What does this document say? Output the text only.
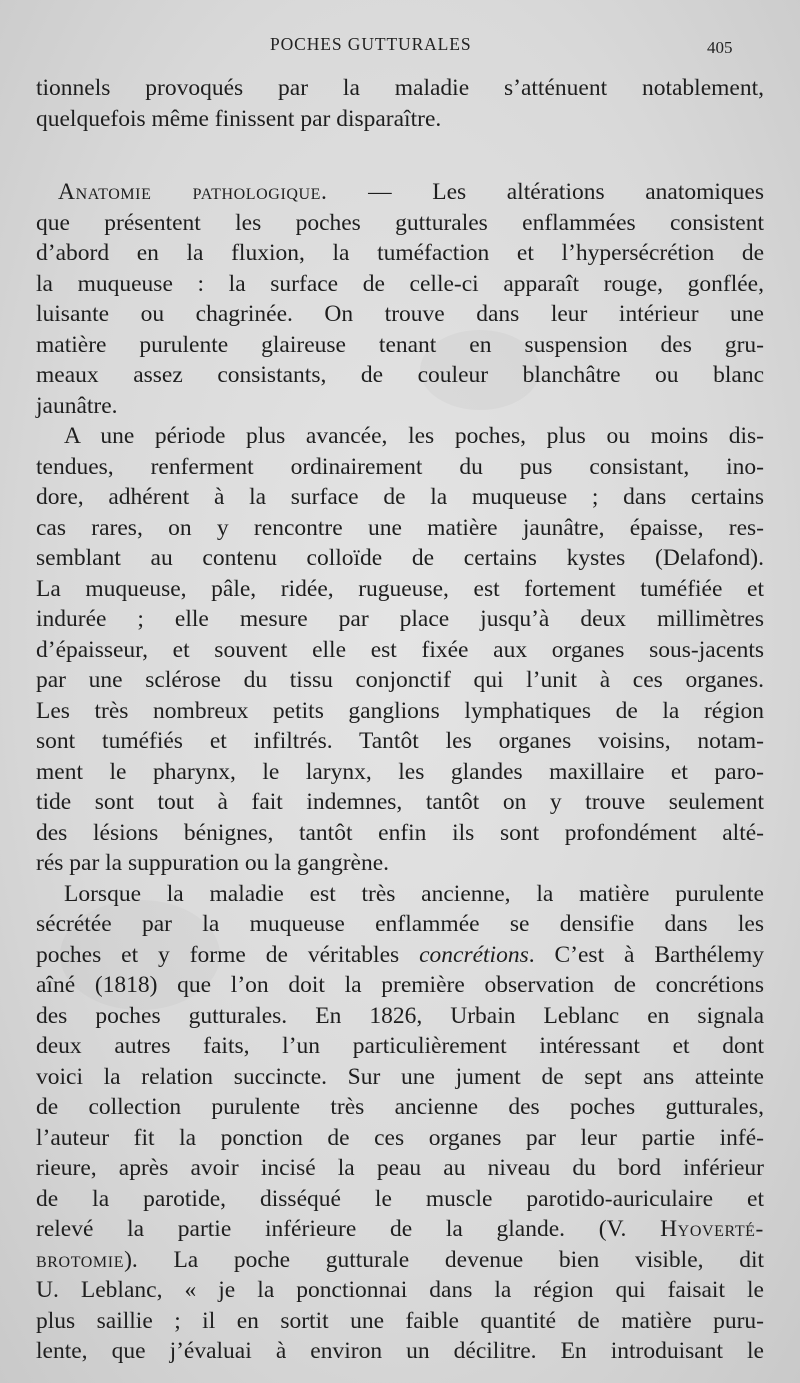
POCHES GUTTURALES	405
tionnels provoqués par la maladie s’atténuent notablement,
quelquefois même finissent par disparaître.
Anatomie pathologique. — Les altérations anatomiques
que présentent les poches gutturales enflammées consistent
d’abord en la fluxion, la tuméfaction et l’hypersécrétion de
la muqueuse : la surface de celle-ci apparaît rouge, gonflée,
luisante ou chagrinée. On trouve dans leur intérieur une
matière purulente glaireuse tenant en suspension des gru-
meaux assez consistants, de couleur blanchâtre ou blanc
jaunâtre.
A une période plus avancée, les poches, plus ou moins dis-
tendues, renferment ordinairement du pus consistant, ino-
dore, adhérent à la surface de la muqueuse ; dans certains
cas rares, on y rencontre une matière jaunâtre, épaisse, res-
semblant au contenu colloïde de certains kystes (Delafond).
La muqueuse, pâle, ridée, rugueuse, est fortement tuméfiée et
indurée ; elle mesure par place jusqu’à deux millimètres
d’épaisseur, et souvent elle est fixée aux organes sous-jacents
par une sclérose du tissu conjonctif qui l’unit à ces organes.
Les très nombreux petits ganglions lymphatiques de la région
sont tuméfiés et infiltrés. Tantôt les organes voisins, notam-
ment le pharynx, le larynx, les glandes maxillaire et paro-
tide sont tout à fait indemnes, tantôt on y trouve seulement
des lésions bénignes, tantôt enfin ils sont profondément alté-
rés par la suppuration ou la gangrène.
Lorsque la maladie est très ancienne, la matière purulente
sécrétée par la muqueuse enflammée se densifie dans les
poches et y forme de véritables concrétions. C’est à Barthélemy
aîné (1818) que l’on doit la première observation de concrétions
des poches gutturales. En 1826, Urbain Leblanc en signala
deux autres faits, l’un particulièrement intéressant et dont
voici la relation succincte. Sur une jument de sept ans atteinte
de collection purulente très ancienne des poches gutturales,
l’auteur fit la ponction de ces organes par leur partie infé-
rieure, après avoir incisé la peau au niveau du bord inférieur
de la parotide, disséqué le muscle parotido-auriculaire et
relevé la partie inférieure de la glande. (V. Hyoverté-
brotomie). La poche gutturale devenue bien visible, dit
U. Leblanc, « je la ponctionnai dans la région qui faisait le
plus saillie ; il en sortit une faible quantité de matière puru-
lente, que j’évaluai à environ un décilitre. En introduisant le
